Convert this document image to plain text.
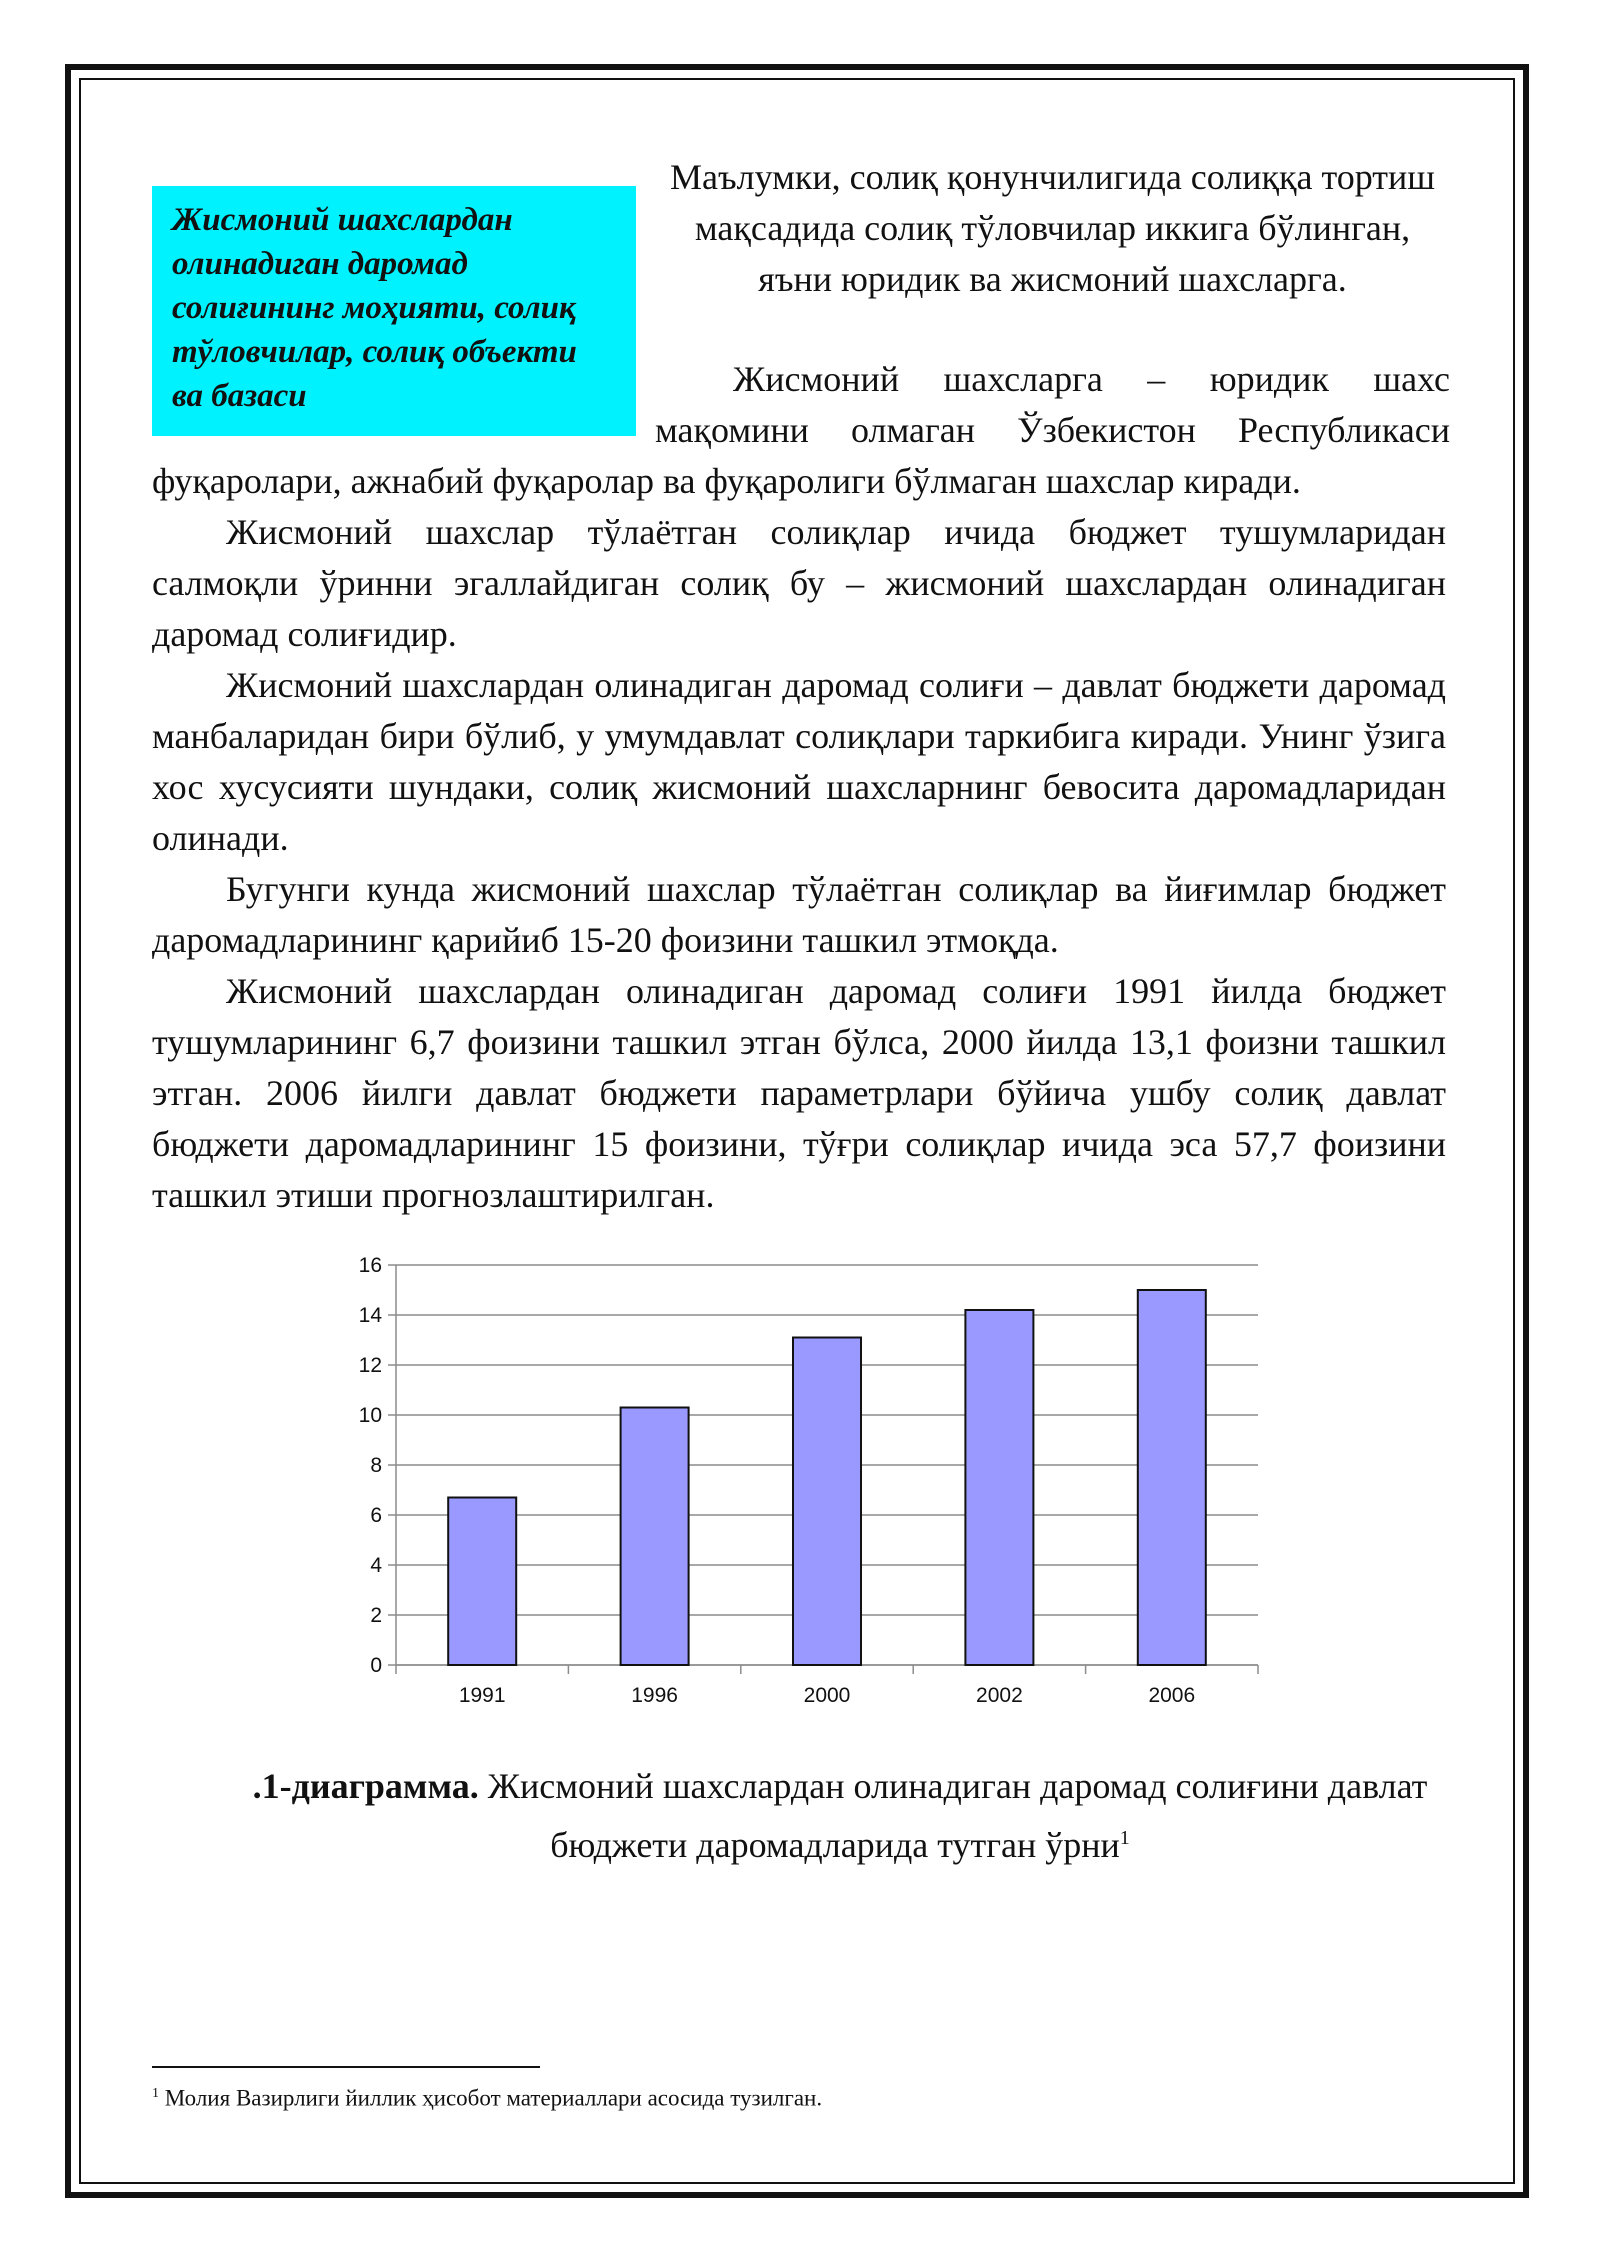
Жисмоний шахслардан олинадиган даромад солиғининг моҳияти, солиқ тўловчилар, солиқ объекти ва базаси
Маълумки, солиқ қонунчилигида солиққа тортиш мақсадида солиқ тўловчилар иккига бўлинган, яъни юридик ва жисмоний шахсларга.
Жисмоний шахсларга – юридик шахс мақомини олмаган Ўзбекистон Республикаси

фуқаролари, ажнабий фуқаролар ва фуқаролиги бўлмаган шахслар киради.

Жисмоний шахслар тўлаётган солиқлар ичида бюджет тушумларидан салмоқли ўринни эгаллайдиган солиқ бу – жисмоний шахслардан олинадиган даромад солиғидир.

Жисмоний шахслардан олинадиган даромад солиғи – давлат бюджети даромад манбаларидан бири бўлиб, у умумдавлат солиқлари таркибига киради. Унинг ўзига хос хусусияти шундаки, солиқ жисмоний шахсларнинг бевосита даромадларидан олинади.

Бугунги кунда жисмоний шахслар тўлаётган солиқлар ва йиғимлар бюджет даромадларининг қарийиб 15-20 фоизини ташкил этмоқда.

Жисмоний шахслардан олинадиган даромад солиғи 1991 йилда бюджет тушумларининг 6,7 фоизини ташкил этган бўлса, 2000 йилда 13,1 фоизни ташкил этган. 2006 йилги давлат бюджети параметрлари бўйича ушбу солиқ давлат бюджети даромадларининг 15 фоизини, тўғри солиқлар ичида эса 57,7 фоизини ташкил этиши прогнозлаштирилган.

0
2
4
6
8
10
12
14
16
1991	1996	2000	2002	2006
.1-диаграмма. Жисмоний шахслардан олинадиган даромад солиғини давлат бюджети даромадларида тутган ўрни$^1$
$^1$ Молия Вазирлиги йиллик ҳисобот материаллари асосида тузилган.
